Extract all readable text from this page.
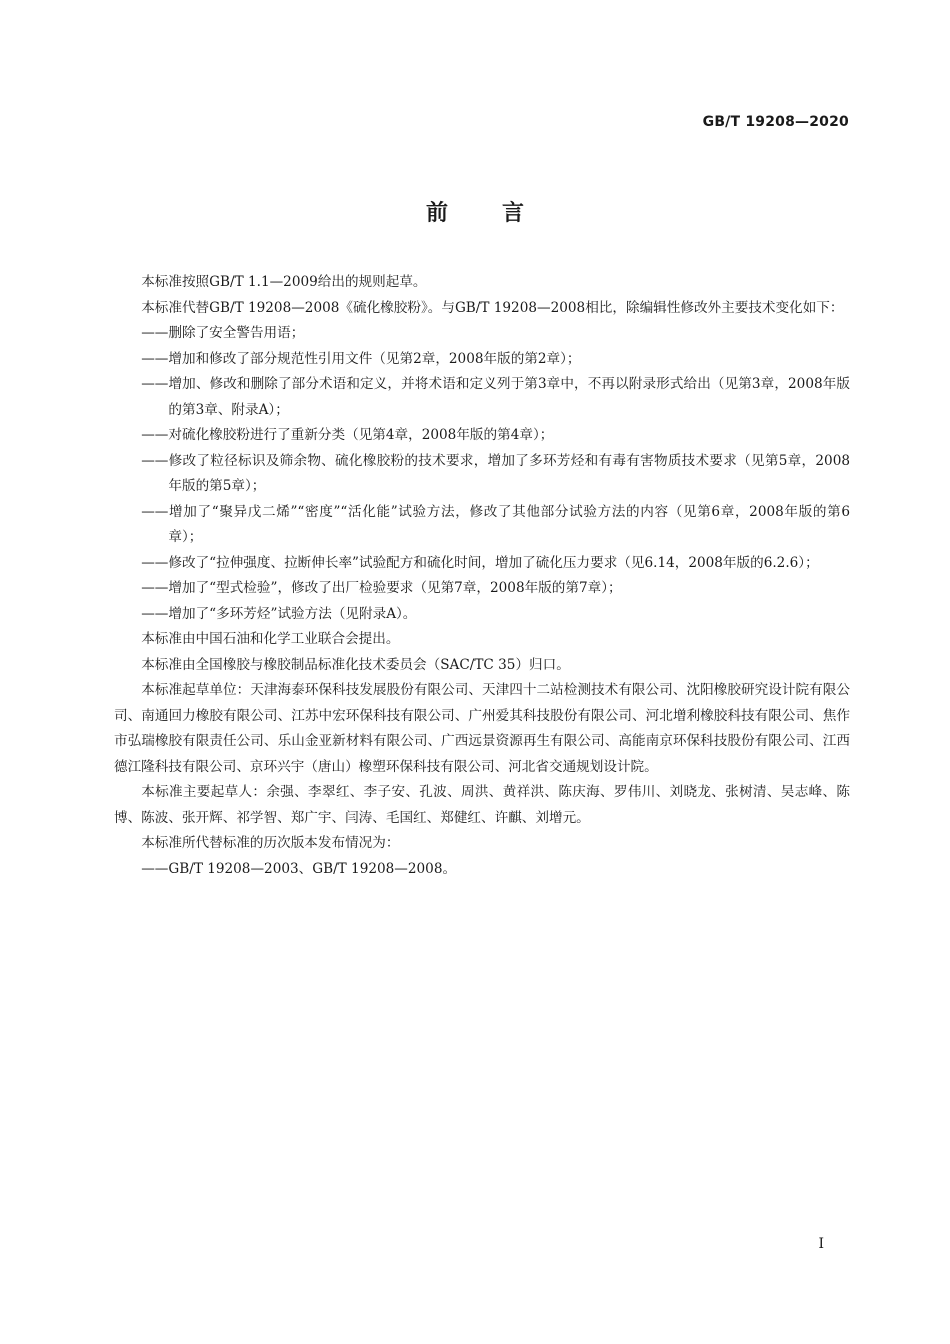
GB/T 19208—2020
前言

本标准按照GB/T 1.1—2009给出的规则起草。

本标准代替GB/T 19208—2008《硫化橡胶粉》。与GB/T 19208—2008相比，除编辑性修改外主要技术变化如下：

——删除了安全警告用语；

——增加和修改了部分规范性引用文件（见第2章，2008年版的第2章）；

——增加、修改和删除了部分术语和定义，并将术语和定义列于第3章中，不再以附录形式给出（见第3章，2008年版的第3章、附录A）；

——对硫化橡胶粉进行了重新分类（见第4章，2008年版的第4章）；

——修改了粒径标识及筛余物、硫化橡胶粉的技术要求，增加了多环芳烃和有毒有害物质技术要求（见第5章，2008年版的第5章）；

——增加了“聚异戊二烯”“密度”“活化能”试验方法，修改了其他部分试验方法的内容（见第6章，2008年版的第6章）；

——修改了“拉伸强度、拉断伸长率”试验配方和硫化时间，增加了硫化压力要求（见6.14，2008年版的6.2.6）；

——增加了“型式检验”，修改了出厂检验要求（见第7章，2008年版的第7章）；

——增加了“多环芳烃”试验方法（见附录A）。

本标准由中国石油和化学工业联合会提出。

本标准由全国橡胶与橡胶制品标准化技术委员会（SAC/TC 35）归口。

本标准起草单位：天津海泰环保科技发展股份有限公司、天津四十二站检测技术有限公司、沈阳橡胶研究设计院有限公司、南通回力橡胶有限公司、江苏中宏环保科技有限公司、广州爱其科技股份有限公司、河北增利橡胶科技有限公司、焦作市弘瑞橡胶有限责任公司、乐山金亚新材料有限公司、广西远景资源再生有限公司、高能南京环保科技股份有限公司、江西德江隆科技有限公司、京环兴宇（唐山）橡塑环保科技有限公司、河北省交通规划设计院。

本标准主要起草人：余强、李翠红、李子安、孔波、周洪、黄祥洪、陈庆海、罗伟川、刘晓龙、张树清、吴志峰、陈博、陈波、张开辉、祁学智、郑广宇、闫涛、毛国红、郑健红、许麒、刘增元。

本标准所代替标准的历次版本发布情况为：

——GB/T 19208—2003、GB/T 19208—2008。

I
